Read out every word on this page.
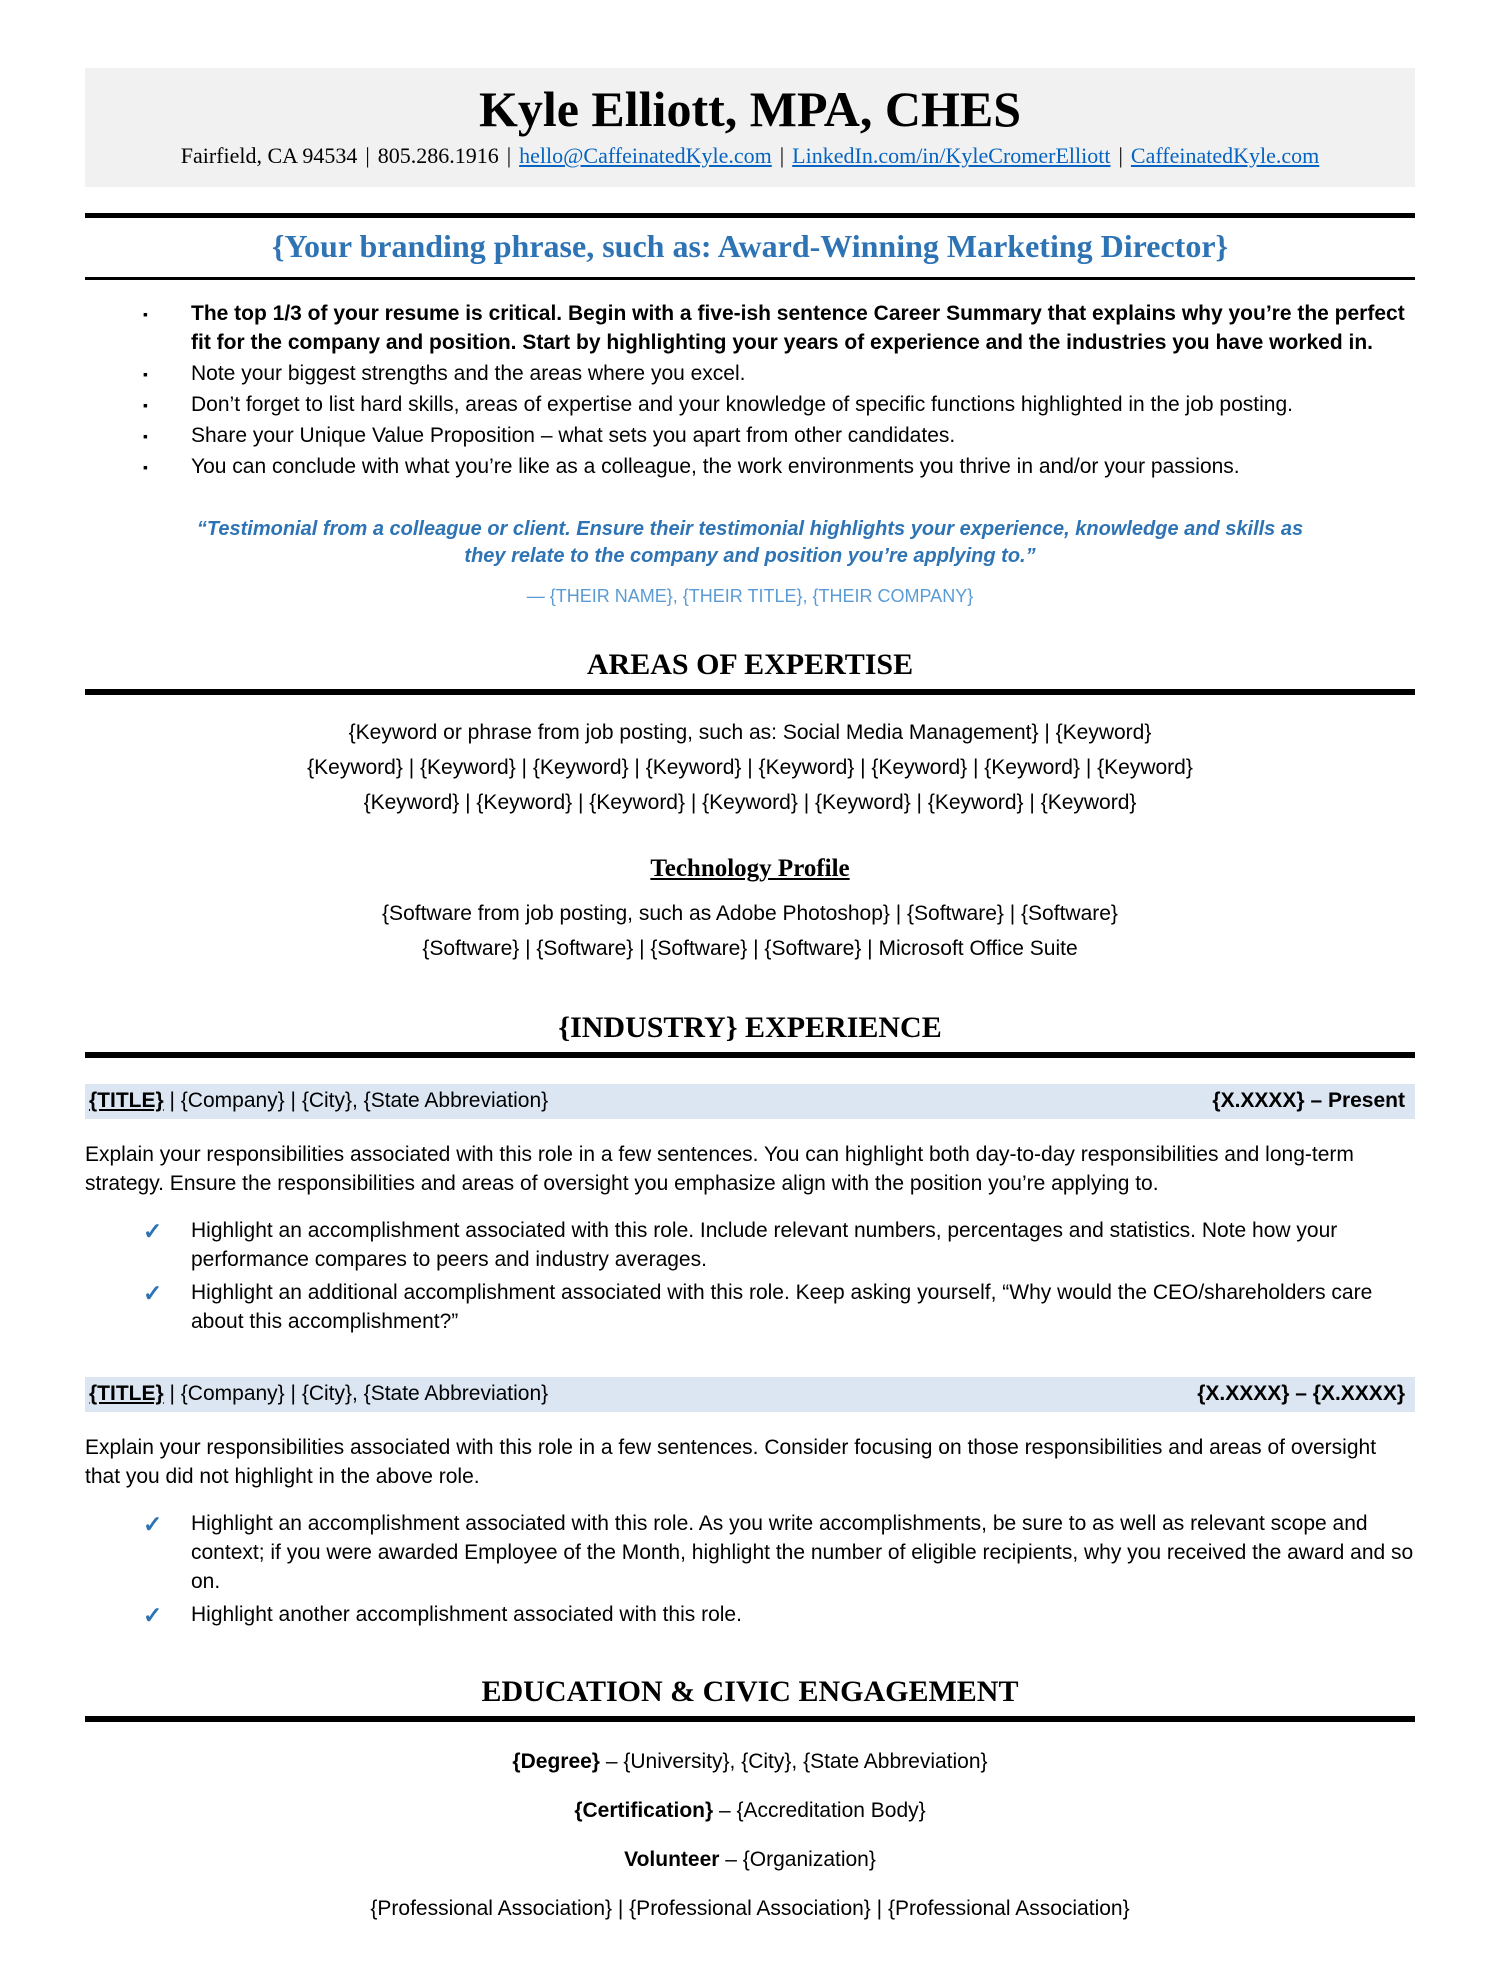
Kyle Elliott, MPA, CHES
Fairfield, CA 94534 | 805.286.1916 | hello@CaffeinatedKyle.com | LinkedIn.com/in/KyleCromerElliott | CaffeinatedKyle.com
{Your branding phrase, such as: Award-Winning Marketing Director}
▪	The top 1/3 of your resume is critical. Begin with a five-ish sentence Career Summary that explains why you’re the perfect fit for the company and position. Start by highlighting your years of experience and the industries you have worked in.
▪	Note your biggest strengths and the areas where you excel.
▪	Don’t forget to list hard skills, areas of expertise and your knowledge of specific functions highlighted in the job posting.
▪	Share your Unique Value Proposition – what sets you apart from other candidates.
▪	You can conclude with what you’re like as a colleague, the work environments you thrive in and/or your passions.

“Testimonial from a colleague or client. Ensure their testimonial highlights your experience, knowledge and skills as they relate to the company and position you’re applying to.”

— {THEIR NAME}, {THEIR TITLE}, {THEIR COMPANY}

AREAS OF EXPERTISE

{Keyword or phrase from job posting, such as: Social Media Management} | {Keyword}

{Keyword} | {Keyword} | {Keyword} | {Keyword} | {Keyword} | {Keyword} | {Keyword} | {Keyword}

{Keyword} | {Keyword} | {Keyword} | {Keyword} | {Keyword} | {Keyword} | {Keyword}

Technology Profile

{Software from job posting, such as Adobe Photoshop} | {Software} | {Software}

{Software} | {Software} | {Software} | {Software} | Microsoft Office Suite

{INDUSTRY} EXPERIENCE
{TITLE} | {Company} | {City}, {State Abbreviation}	{X.XXXX} – Present

Explain your responsibilities associated with this role in a few sentences. You can highlight both day-to-day responsibilities and long-term strategy. Ensure the responsibilities and areas of oversight you emphasize align with the position you’re applying to.

✓	Highlight an accomplishment associated with this role. Include relevant numbers, percentages and statistics. Note how your performance compares to peers and industry averages.
✓	Highlight an additional accomplishment associated with this role. Keep asking yourself, “Why would the CEO/shareholders care about this accomplishment?”
{TITLE} | {Company} | {City}, {State Abbreviation}	{X.XXXX} – {X.XXXX}

Explain your responsibilities associated with this role in a few sentences. Consider focusing on those responsibilities and areas of oversight that you did not highlight in the above role.

✓	Highlight an accomplishment associated with this role. As you write accomplishments, be sure to as well as relevant scope and context; if you were awarded Employee of the Month, highlight the number of eligible recipients, why you received the award and so on.
✓	Highlight another accomplishment associated with this role.
EDUCATION & CIVIC ENGAGEMENT

{Degree} – {University}, {City}, {State Abbreviation}

{Certification} – {Accreditation Body}

Volunteer – {Organization}

{Professional Association} | {Professional Association} | {Professional Association}
